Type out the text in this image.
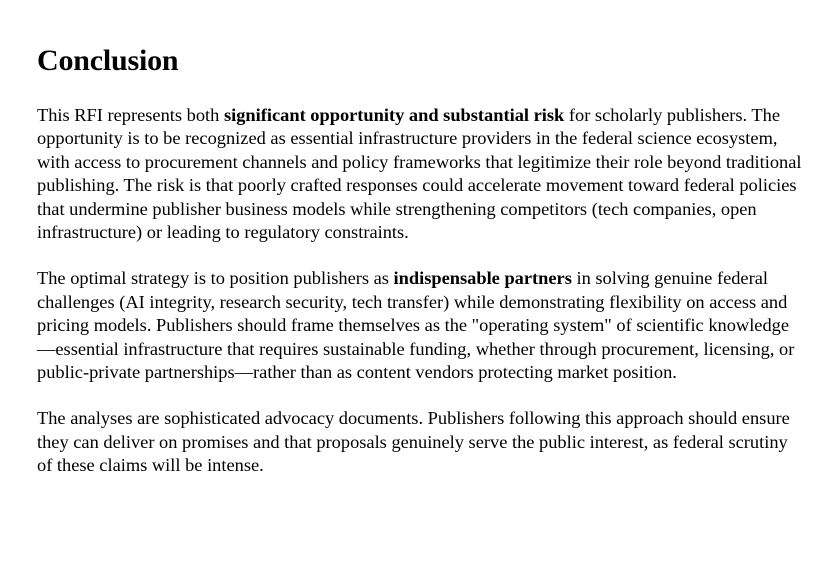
Conclusion

This RFI represents both significant opportunity and substantial risk for scholarly publishers. The opportunity is to be recognized as essential infrastructure providers in the federal science ecosystem, with access to procurement channels and policy frameworks that legitimize their role beyond traditional publishing. The risk is that poorly crafted responses could accelerate movement toward federal policies that undermine publisher business models while strengthening competitors (tech companies, open infrastructure) or leading to regulatory constraints.

The optimal strategy is to position publishers as indispensable partners in solving genuine federal challenges (AI integrity, research security, tech transfer) while demonstrating flexibility on access and pricing models. Publishers should frame themselves as the "operating system" of scientific knowledge—essential infrastructure that requires sustainable funding, whether through procurement, licensing, or public-private partnerships—rather than as content vendors protecting market position.

The analyses are sophisticated advocacy documents. Publishers following this approach should ensure they can deliver on promises and that proposals genuinely serve the public interest, as federal scrutiny of these claims will be intense.
